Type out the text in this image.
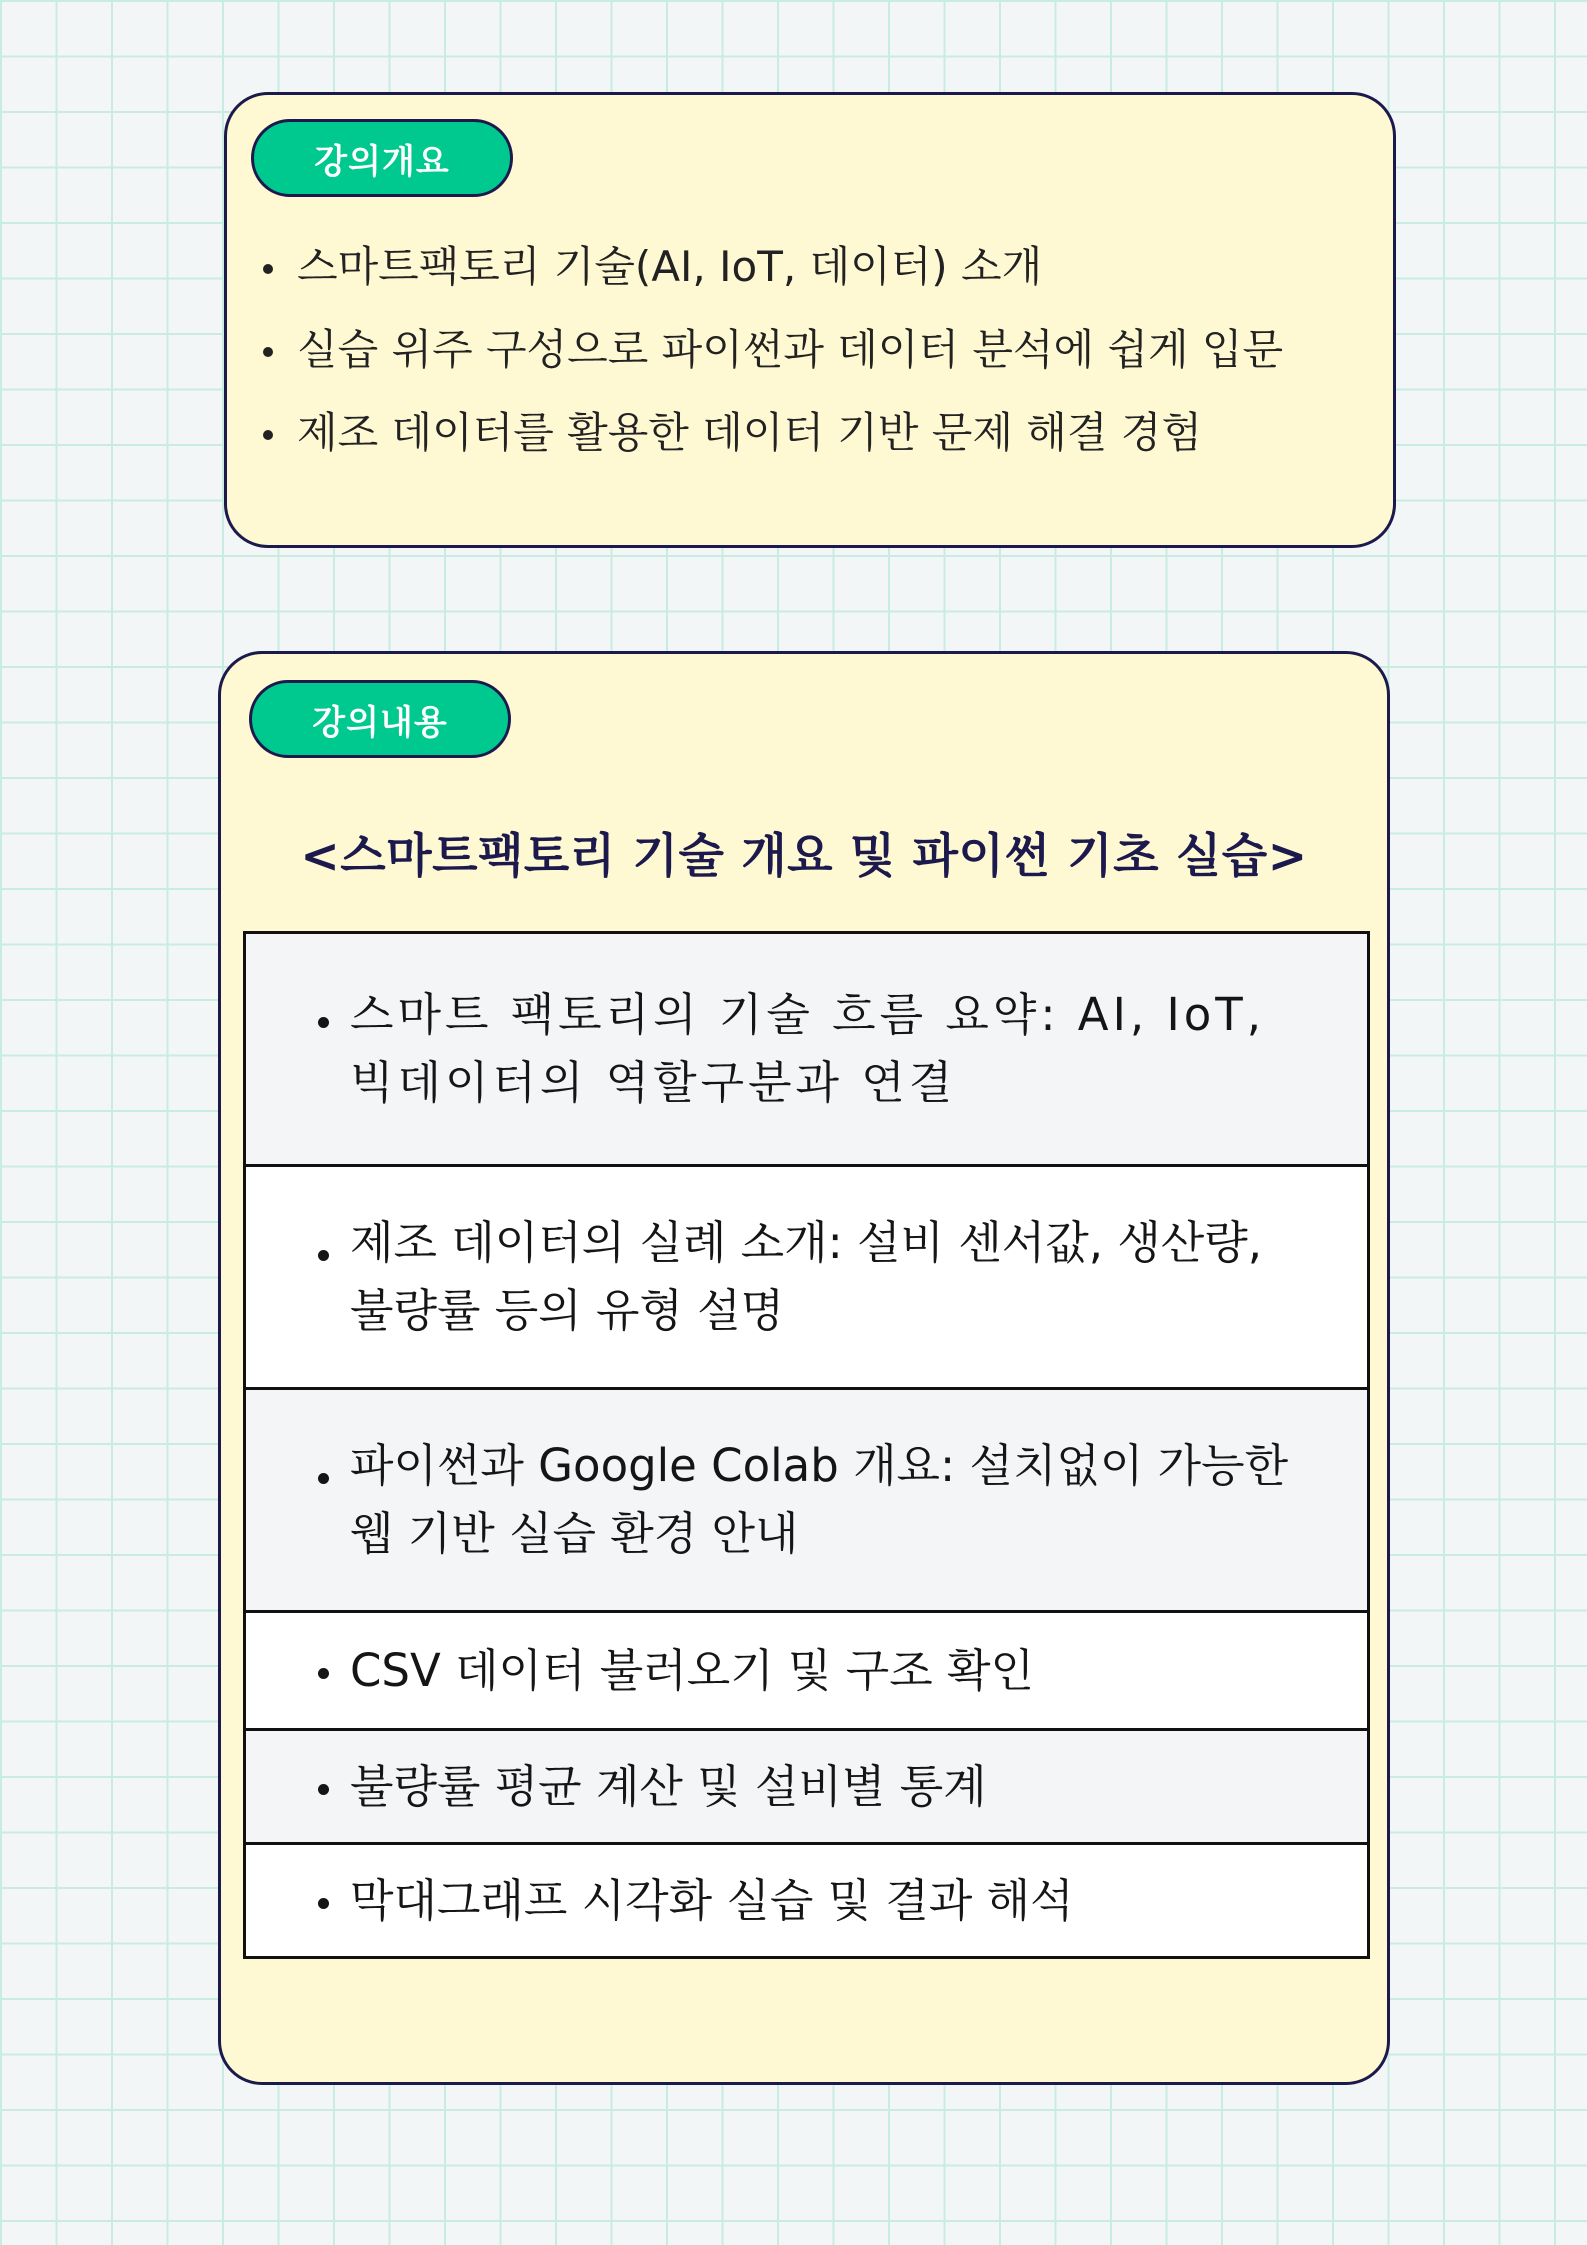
강의개요
스마트팩토리 기술(AI, IoT, 데이터) 소개
실습 위주 구성으로 파이썬과 데이터 분석에 쉽게 입문
제조 데이터를 활용한 데이터 기반 문제 해결 경험
강의내용
<스마트팩토리 기술 개요 및 파이썬 기초 실습>
스마트 팩토리의 기술 흐름 요약: AI, IoT,
빅데이터의 역할구분과 연결
제조 데이터의 실례 소개: 설비 센서값, 생산량,
불량률 등의 유형 설명
파이썬과 Google Colab 개요: 설치없이 가능한
웹 기반 실습 환경 안내
CSV 데이터 불러오기 및 구조 확인
불량률 평균 계산 및 설비별 통계
막대그래프 시각화 실습 및 결과 해석
